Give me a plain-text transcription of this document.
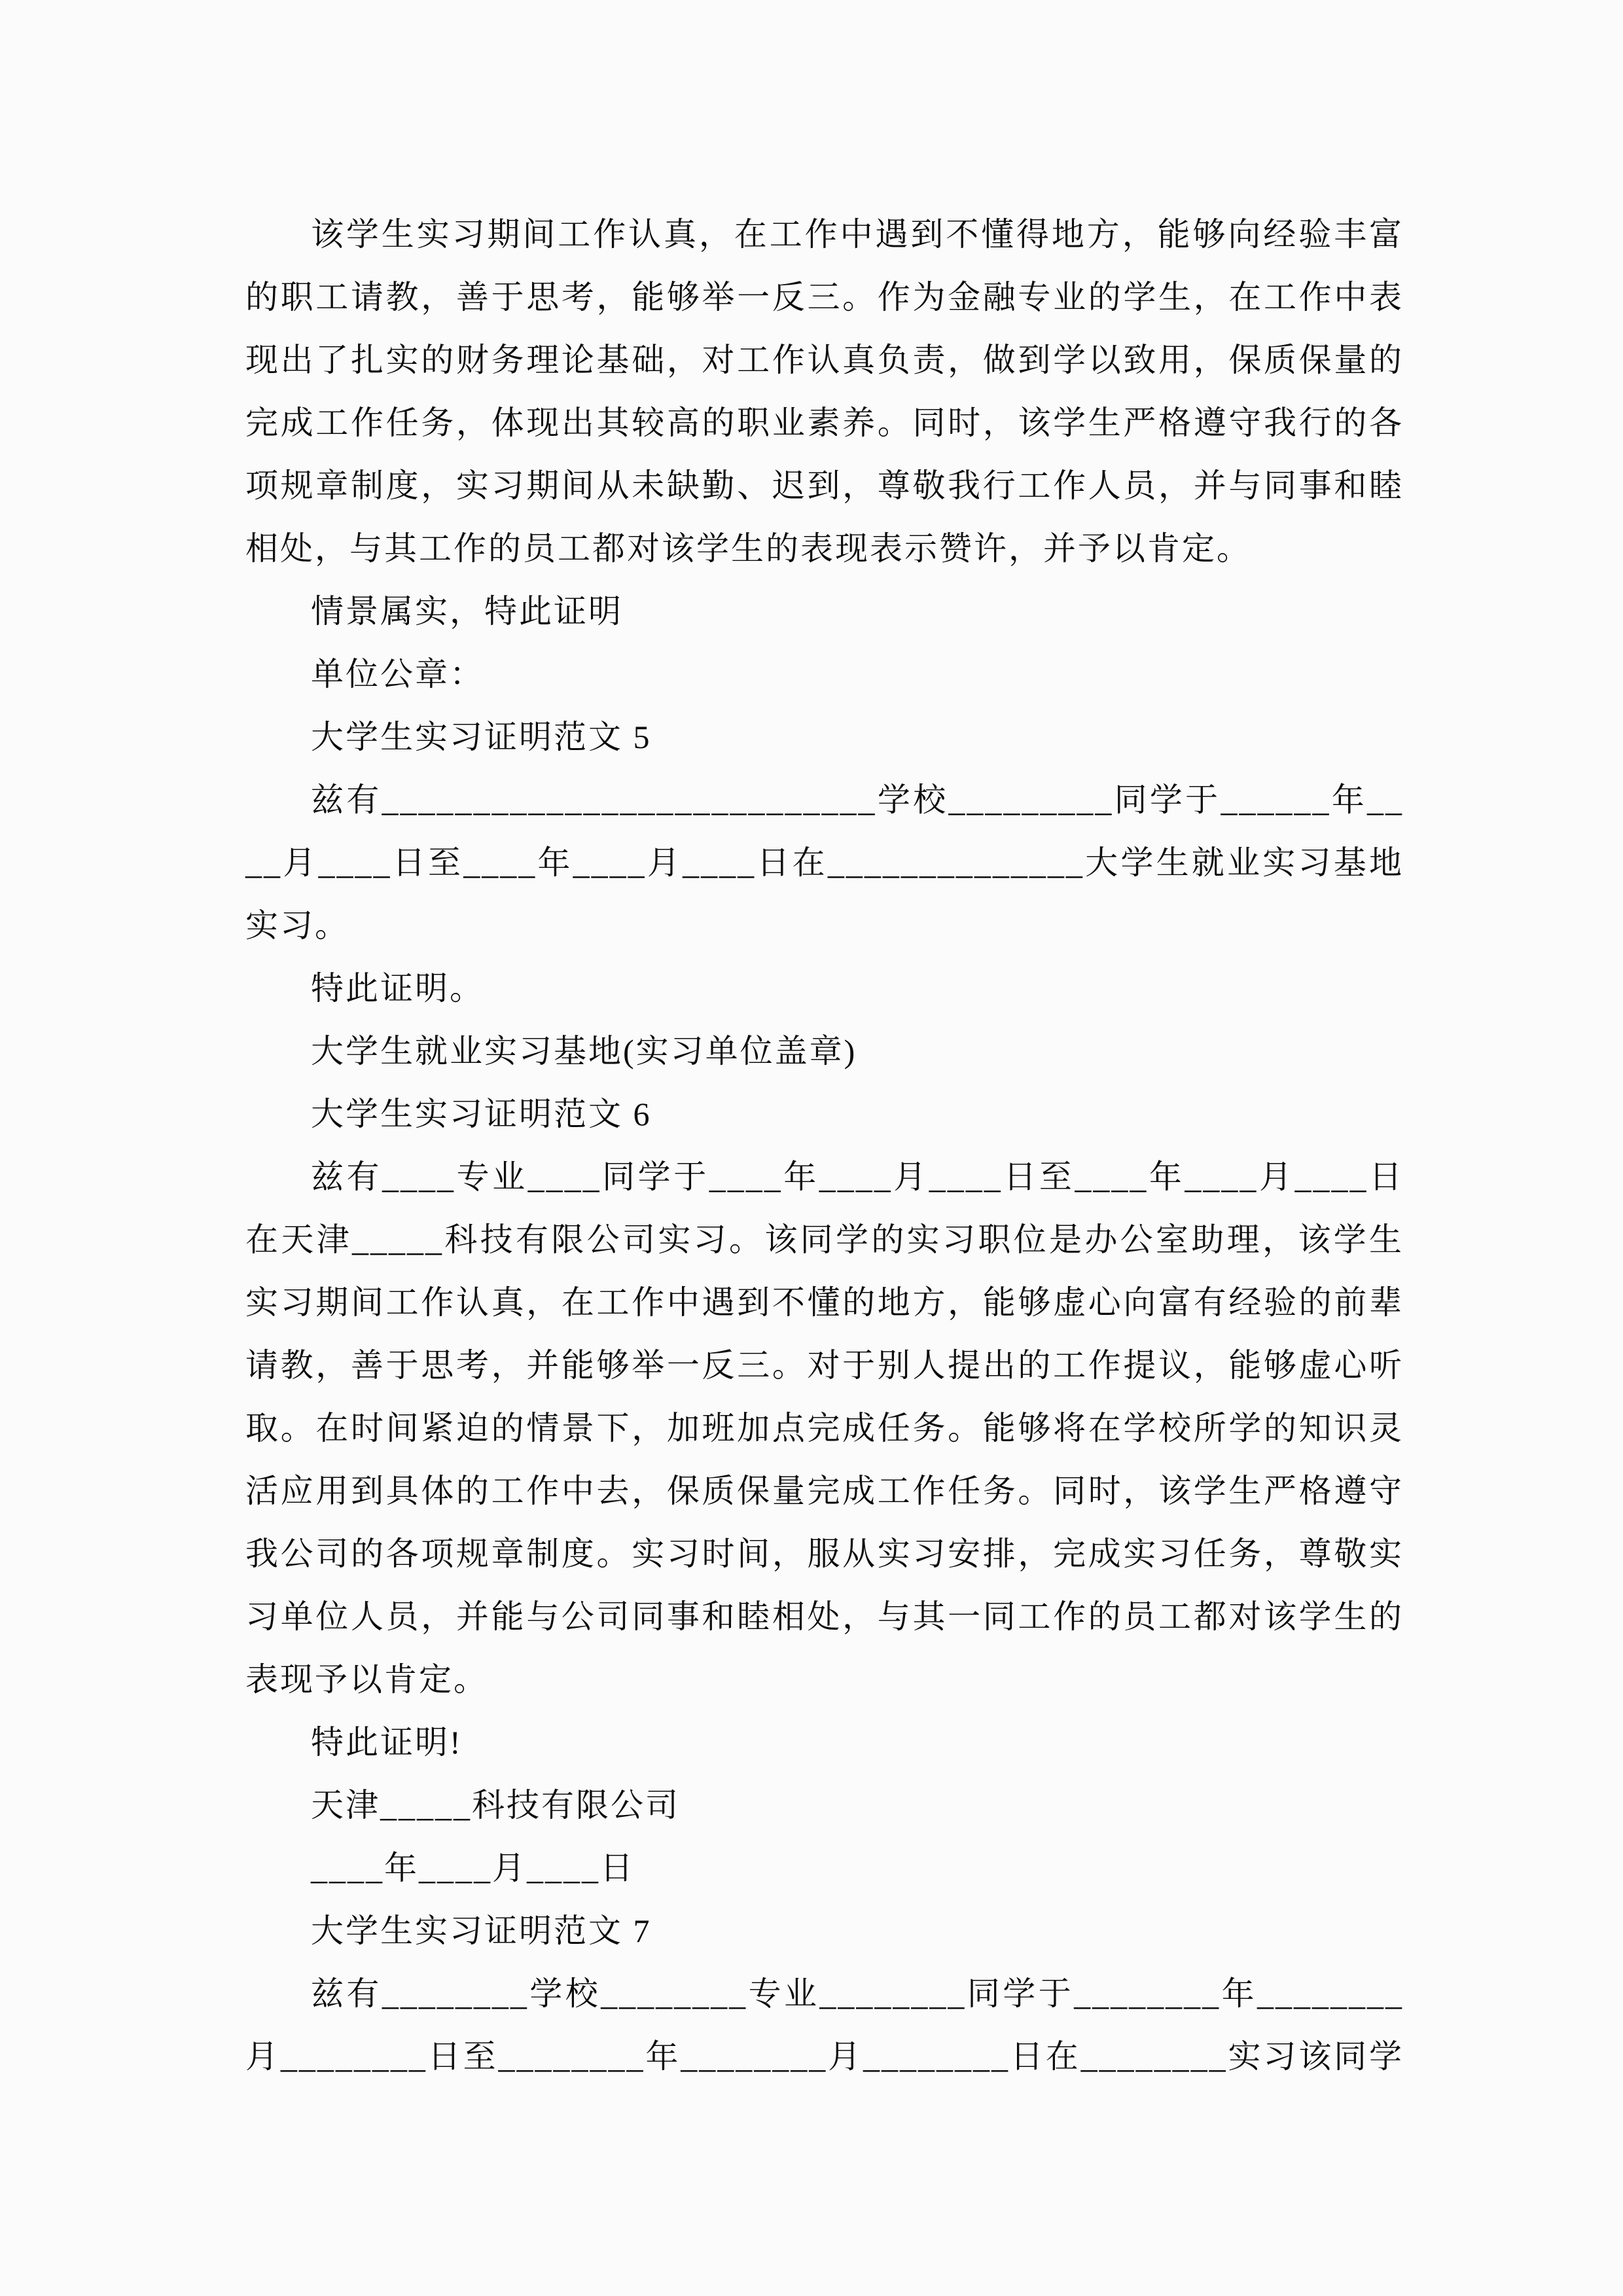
该学生实习期间工作认真，在工作中遇到不懂得地方，能够向经验丰富的职工请教，善于思考，能够举一反三。作为金融专业的学生，在工作中表现出了扎实的财务理论基础，对工作认真负责，做到学以致用，保质保量的完成工作任务，体现出其较高的职业素养。同时，该学生严格遵守我行的各项规章制度，实习期间从未缺勤、迟到，尊敬我行工作人员，并与同事和睦相处，与其工作的员工都对该学生的表现表示赞许，并予以肯定。

情景属实，特此证明

单位公章：

大学生实习证明范文 5

兹有___________________________学校_________同学于______年____月____日至____年____月____日在______________大学生就业实习基地实习。

特此证明。

大学生就业实习基地(实习单位盖章)

大学生实习证明范文 6

兹有____专业____同学于____年____月____日至____年____月____日在天津_____科技有限公司实习。该同学的实习职位是办公室助理，该学生实习期间工作认真，在工作中遇到不懂的地方，能够虚心向富有经验的前辈请教，善于思考，并能够举一反三。对于别人提出的工作提议，能够虚心听取。在时间紧迫的情景下，加班加点完成任务。能够将在学校所学的知识灵活应用到具体的工作中去，保质保量完成工作任务。同时，该学生严格遵守我公司的各项规章制度。实习时间，服从实习安排，完成实习任务，尊敬实习单位人员，并能与公司同事和睦相处，与其一同工作的员工都对该学生的表现予以肯定。

特此证明!

天津_____科技有限公司

____年____月____日

大学生实习证明范文 7

兹有________学校________专业________同学于________年________月________日至________年________月________日在________实习该同学
